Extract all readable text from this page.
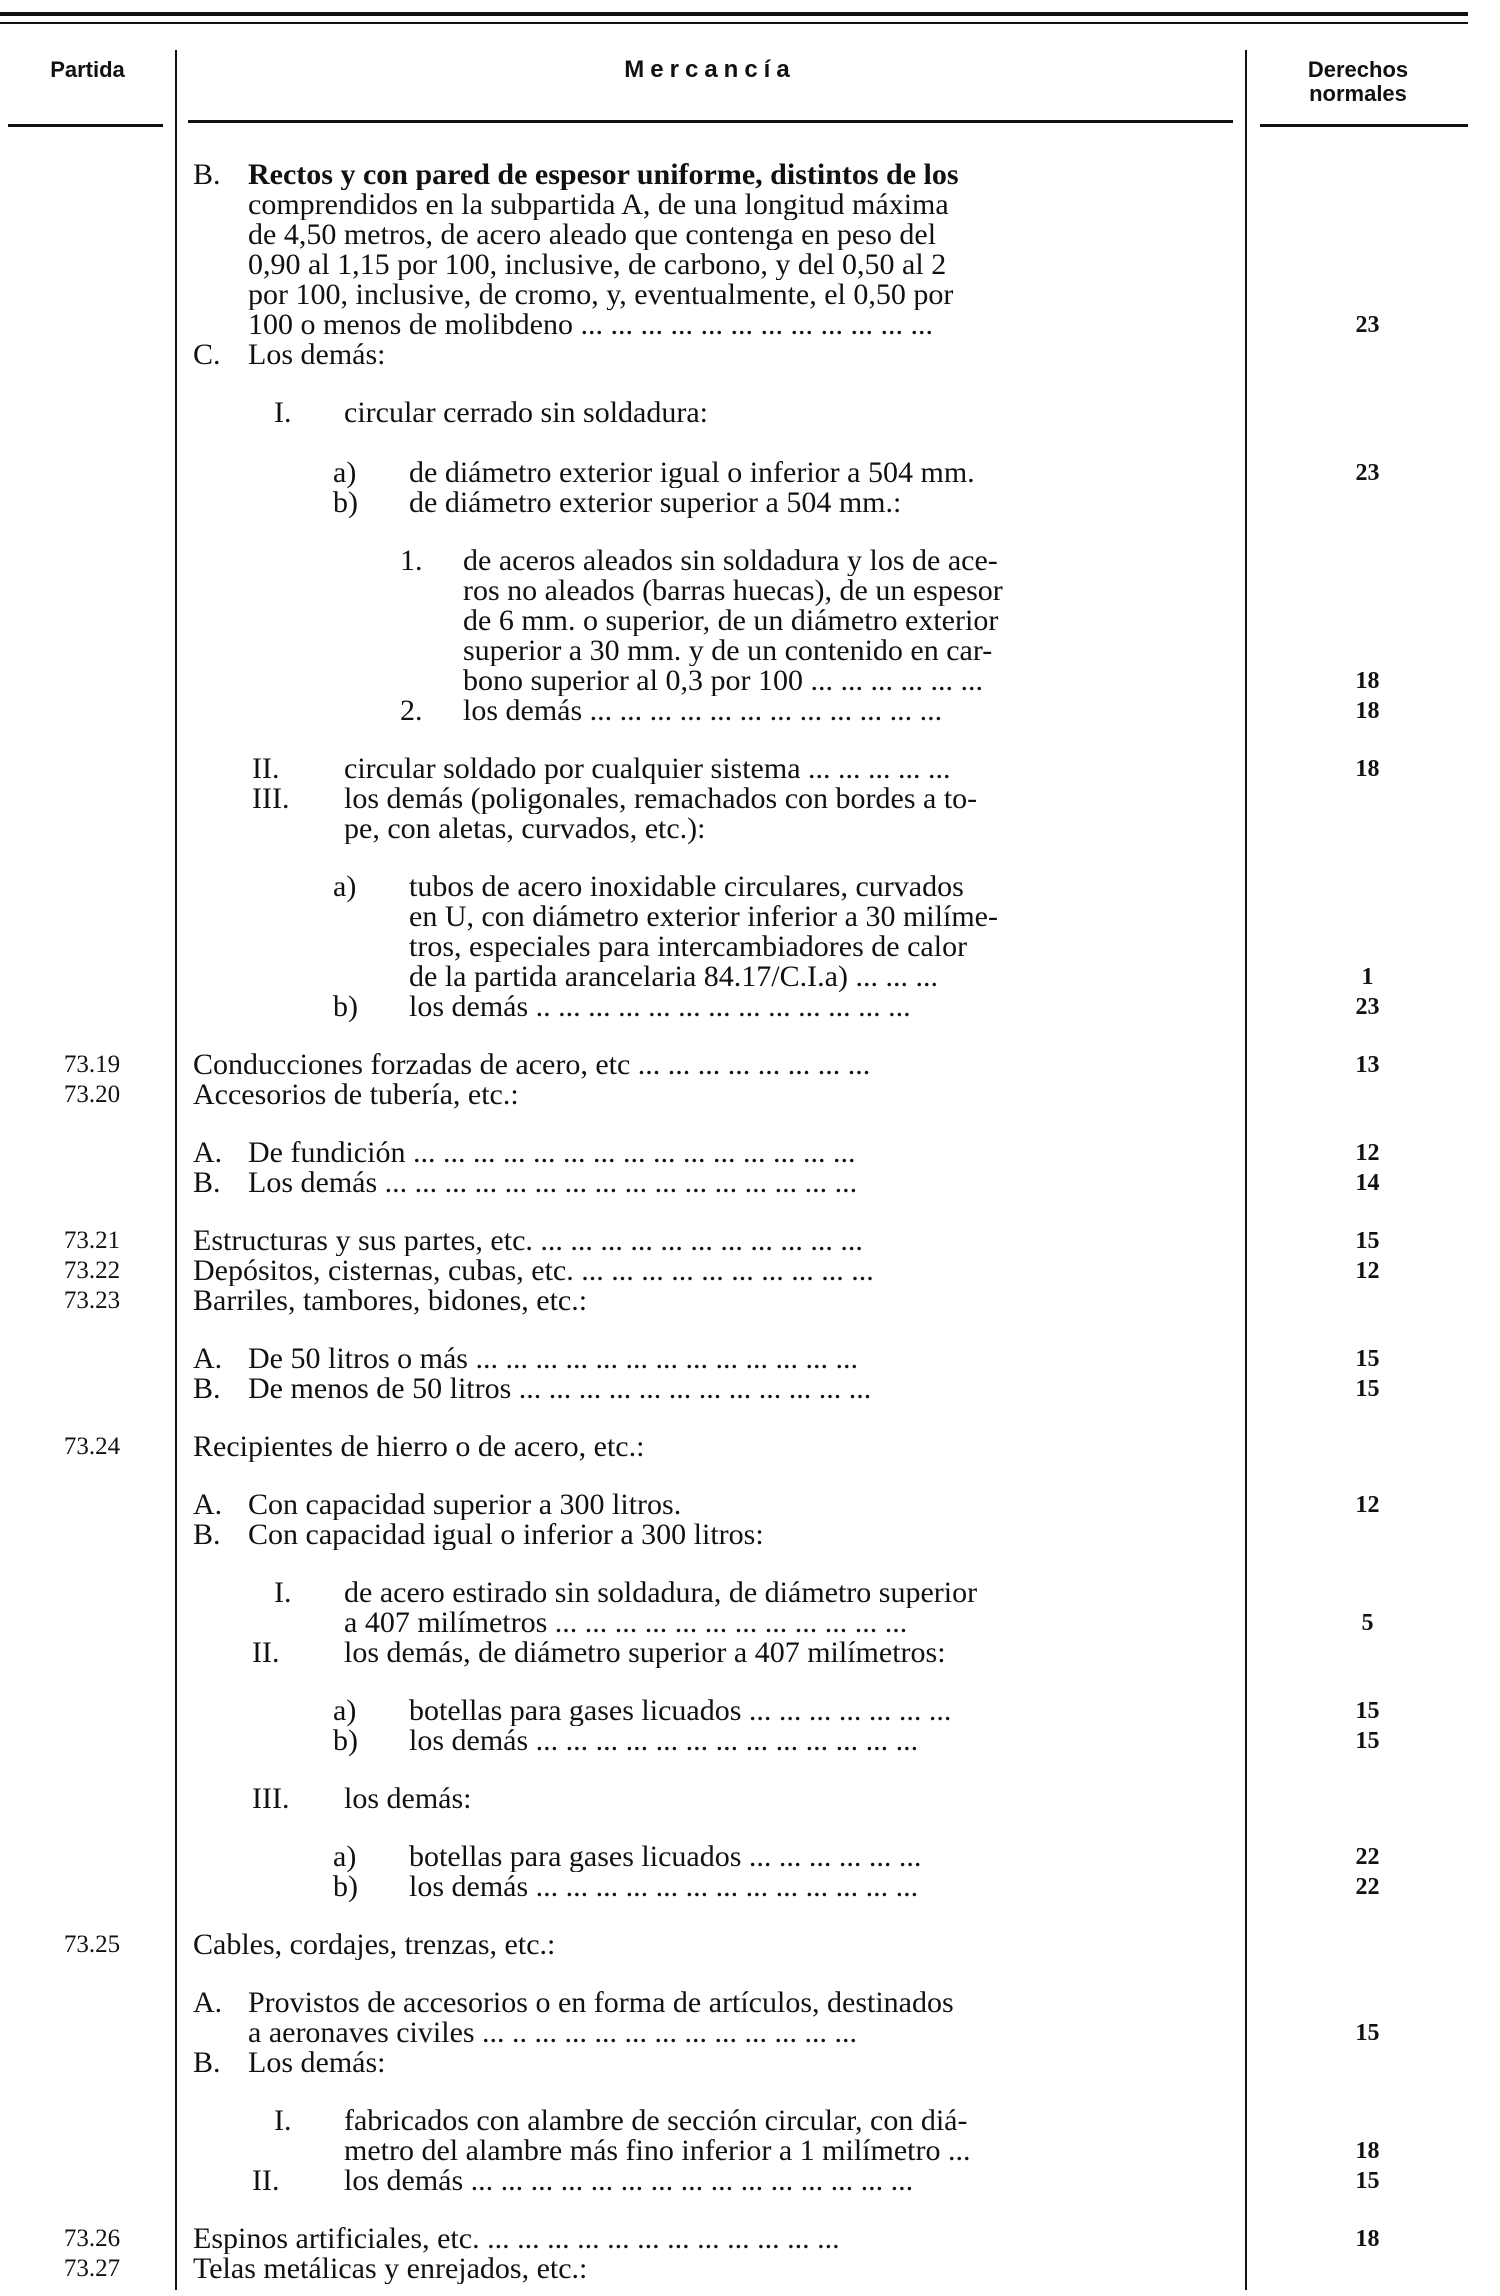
Partida	Mercancía	Derechos
normales
B. Rectos y con pared de espesor uniforme, distintos de los
comprendidos en la subpartida A, de una longitud máxima
de 4,50 metros, de acero aleado que contenga en peso del
0,90 al 1,15 por 100, inclusive, de carbono, y del 0,50 al 2
por 100, inclusive, de cromo, y, eventualmente, el 0,50 por
100 o menos de molibdeno ... ... ... ... ... ... ... ... ... ... ... ...	23
C. Los demás:
I. circular cerrado sin soldadura:
a) de diámetro exterior igual o inferior a 504 mm.	23
b) de diámetro exterior superior a 504 mm.:
1. de aceros aleados sin soldadura y los de ace-
ros no aleados (barras huecas), de un espesor
de 6 mm. o superior, de un diámetro exterior
superior a 30 mm. y de un contenido en car-
bono superior al 0,3 por 100 ... ... ... ... ... ...	18
2. los demás ... ... ... ... ... ... ... ... ... ... ... ...	18
II. circular soldado por cualquier sistema ... ... ... ... ...	18
III. los demás (poligonales, remachados con bordes a to-
pe, con aletas, curvados, etc.):
a) tubos de acero inoxidable circulares, curvados
en U, con diámetro exterior inferior a 30 milíme-
tros, especiales para intercambiadores de calor
de la partida arancelaria 84.17/C.I.a) ... ... ...	1
b) los demás .. ... ... ... ... ... ... ... ... ... ... ... ...	23
73.19	Conducciones forzadas de acero, etc ... ... ... ... ... ... ... ...	13
73.20	Accesorios de tubería, etc.:
A. De fundición ... ... ... ... ... ... ... ... ... ... ... ... ... ... ...	12
B. Los demás ... ... ... ... ... ... ... ... ... ... ... ... ... ... ... ...	14
73.21	Estructuras y sus partes, etc. ... ... ... ... ... ... ... ... ... ... ...	15
73.22	Depósitos, cisternas, cubas, etc. ... ... ... ... ... ... ... ... ... ...	12
73.23	Barriles, tambores, bidones, etc.:
A. De 50 litros o más ... ... ... ... ... ... ... ... ... ... ... ... ...	15
B. De menos de 50 litros ... ... ... ... ... ... ... ... ... ... ... ...	15
73.24	Recipientes de hierro o de acero, etc.:
A. Con capacidad superior a 300 litros.	12
B. Con capacidad igual o inferior a 300 litros:
I. de acero estirado sin soldadura, de diámetro superior
a 407 milímetros ... ... ... ... ... ... ... ... ... ... ... ...	5
II. los demás, de diámetro superior a 407 milímetros:
a) botellas para gases licuados ... ... ... ... ... ... ...	15
b) los demás ... ... ... ... ... ... ... ... ... ... ... ... ...	15
III. los demás:
a) botellas para gases licuados ... ... ... ... ... ...	22
b) los demás ... ... ... ... ... ... ... ... ... ... ... ... ...	22
73.25	Cables, cordajes, trenzas, etc.:
A. Provistos de accesorios o en forma de artículos, destinados
a aeronaves civiles ... .. ... ... ... ... ... ... ... ... ... ... ...	15
B. Los demás:
I. fabricados con alambre de sección circular, con diá-
metro del alambre más fino inferior a 1 milímetro ...	18
II. los demás ... ... ... ... ... ... ... ... ... ... ... ... ... ... ...	15
73.26	Espinos artificiales, etc. ... ... ... ... ... ... ... ... ... ... ... ...	18
73.27	Telas metálicas y enrejados, etc.:
